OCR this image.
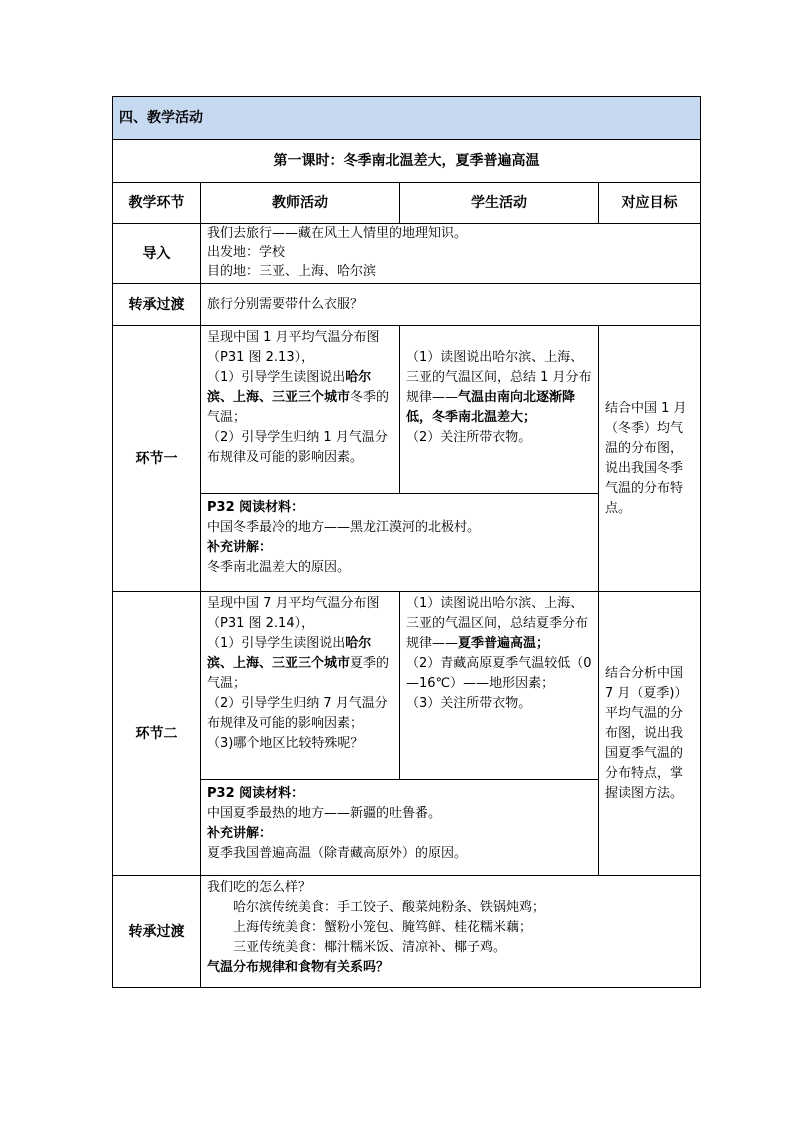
四、教学活动			
第一课时：冬季南北温差大，夏季普遍高温			
教学环节	教师活动	学生活动	对应目标
导入	我们去旅行——藏在风土人情里的地理知识。
出发地：学校
目的地：三亚、上海、哈尔滨		

转承过渡	旅行分别需要带什么衣服？		
环节一	呈现中国 1 月平均气温分布图（P31 图 2.13），
（1）引导学生读图说出哈尔滨、上海、三亚三个城市冬季的气温；
（2）引导学生归纳 1 月气温分布规律及可能的影响因素。	（1）读图说出哈尔滨、上海、三亚的气温区间，总结 1 月分布规律——气温由南向北逐渐降低，冬季南北温差大；
（2）关注所带衣物。	结合中国 1 月（冬季）均气温的分布图，说出我国冬季气温的分布特点。

	P32 阅读材料：
中国冬季最冷的地方——黑龙江漠河的北极村。
补充讲解：
冬季南北温差大的原因。		

环节二	呈现中国 7 月平均气温分布图（P31 图 2.14），
（1）引导学生读图说出哈尔滨、上海、三亚三个城市夏季的气温；
（2）引导学生归纳 7 月气温分布规律及可能的影响因素；
（3)哪个地区比较特殊呢？	（1）读图说出哈尔滨、上海、三亚的气温区间，总结夏季分布规律——夏季普遍高温；
（2）青藏高原夏季气温较低（0—16℃）——地形因素；
（3）关注所带衣物。	结合分析中国 7 月（夏季)）平均气温的分布图，说出我国夏季气温的分布特点，掌握读图方法。

	P32 阅读材料：
中国夏季最热的地方——新疆的吐鲁番。
补充讲解：
夏季我国普遍高温（除青藏高原外）的原因。		

转承过渡	我们吃的怎么样？
哈尔滨传统美食：手工饺子、酸菜炖粉条、铁锅炖鸡；
上海传统美食：蟹粉小笼包、腌笃鲜、桂花糯米藕；
三亚传统美食：椰汁糯米饭、清凉补、椰子鸡。
气温分布规律和食物有关系吗？		
